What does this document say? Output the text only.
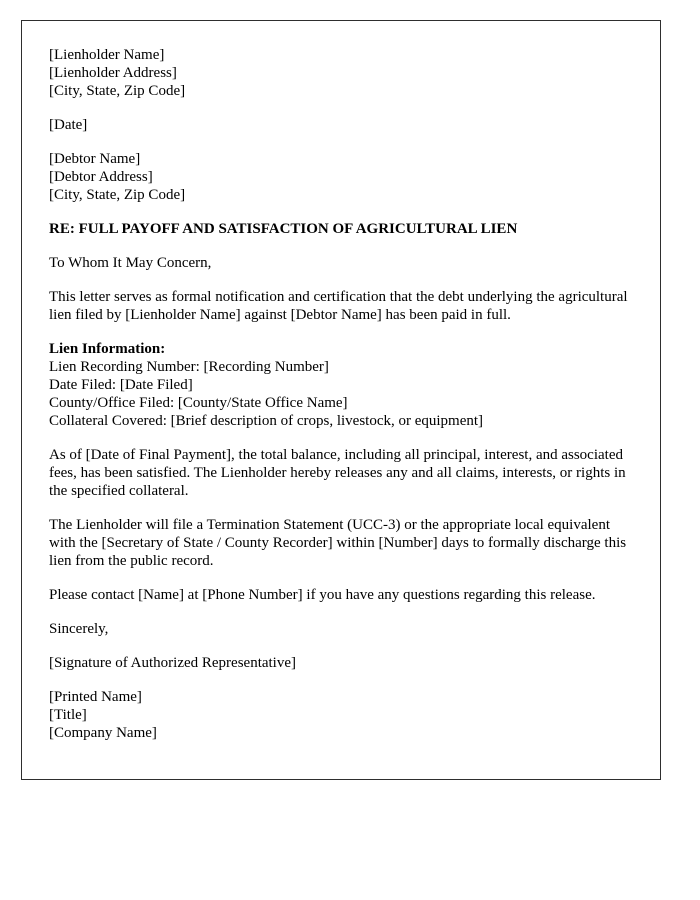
[Lienholder Name]
[Lienholder Address]
[City, State, Zip Code]
[Date]
[Debtor Name]
[Debtor Address]
[City, State, Zip Code]
RE: FULL PAYOFF AND SATISFACTION OF AGRICULTURAL LIEN
To Whom It May Concern,
This letter serves as formal notification and certification that the debt underlying the agricultural lien filed by [Lienholder Name] against [Debtor Name] has been paid in full.
Lien Information:
Lien Recording Number: [Recording Number]
Date Filed: [Date Filed]
County/Office Filed: [County/State Office Name]
Collateral Covered: [Brief description of crops, livestock, or equipment]
As of [Date of Final Payment], the total balance, including all principal, interest, and associated fees, has been satisfied. The Lienholder hereby releases any and all claims, interests, or rights in the specified collateral.
The Lienholder will file a Termination Statement (UCC-3) or the appropriate local equivalent with the [Secretary of State / County Recorder] within [Number] days to formally discharge this lien from the public record.
Please contact [Name] at [Phone Number] if you have any questions regarding this release.
Sincerely,
[Signature of Authorized Representative]
[Printed Name]
[Title]
[Company Name]
